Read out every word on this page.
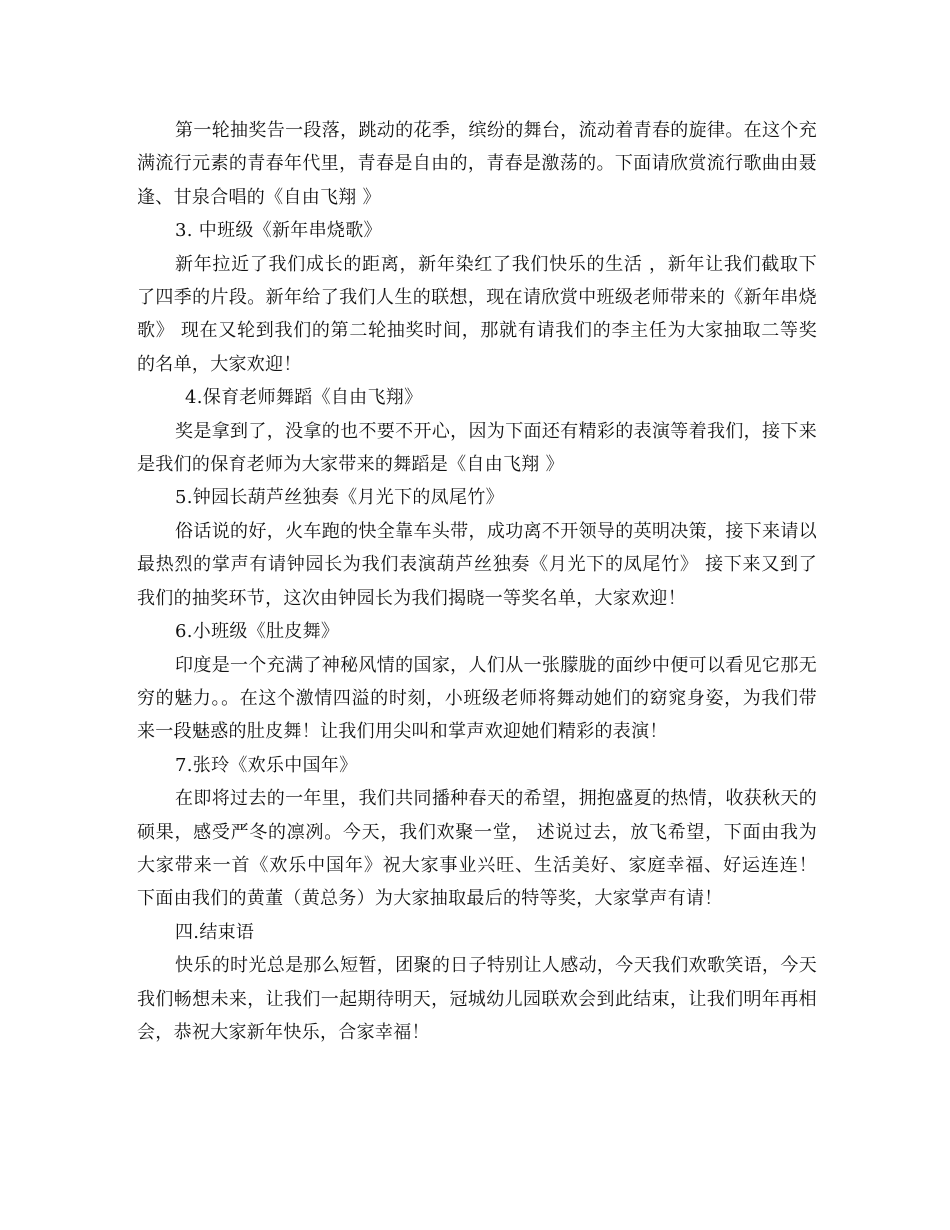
第一轮抽奖告一段落，跳动的花季，缤纷的舞台，流动着青春的旋律。在这个充满流行元素的青春年代里，青春是自由的，青春是激荡的。下面请欣赏流行歌曲由聂逢、甘泉合唱的《自由飞翔 》

3. 中班级《新年串烧歌》

新年拉近了我们成长的距离，新年染红了我们快乐的生活 ，新年让我们截取下了四季的片段。新年给了我们人生的联想，现在请欣赏中班级老师带来的《新年串烧歌》 现在又轮到我们的第二轮抽奖时间，那就有请我们的李主任为大家抽取二等奖的名单，大家欢迎！

4.保育老师舞蹈《自由飞翔》

奖是拿到了，没拿的也不要不开心，因为下面还有精彩的表演等着我们，接下来是我们的保育老师为大家带来的舞蹈是《自由飞翔 》

5.钟园长葫芦丝独奏《月光下的凤尾竹》

俗话说的好，火车跑的快全靠车头带，成功离不开领导的英明决策，接下来请以最热烈的掌声有请钟园长为我们表演葫芦丝独奏《月光下的凤尾竹》 接下来又到了我们的抽奖环节，这次由钟园长为我们揭晓一等奖名单，大家欢迎！

6.小班级《肚皮舞》

印度是一个充满了神秘风情的国家，人们从一张朦胧的面纱中便可以看见它那无穷的魅力。。在这个激情四溢的时刻，小班级老师将舞动她们的窈窕身姿，为我们带来一段魅惑的肚皮舞！让我们用尖叫和掌声欢迎她们精彩的表演！

7.张玲《欢乐中国年》

在即将过去的一年里，我们共同播种春天的希望，拥抱盛夏的热情，收获秋天的硕果，感受严冬的凛冽。今天，我们欢聚一堂， 述说过去，放飞希望，下面由我为大家带来一首《欢乐中国年》祝大家事业兴旺、生活美好、家庭幸福、好运连连！ 下面由我们的黄董（黄总务）为大家抽取最后的特等奖，大家掌声有请！

四.结束语

快乐的时光总是那么短暂，团聚的日子特别让人感动，今天我们欢歌笑语，今天我们畅想未来，让我们一起期待明天，冠城幼儿园联欢会到此结束，让我们明年再相会，恭祝大家新年快乐，合家幸福！
